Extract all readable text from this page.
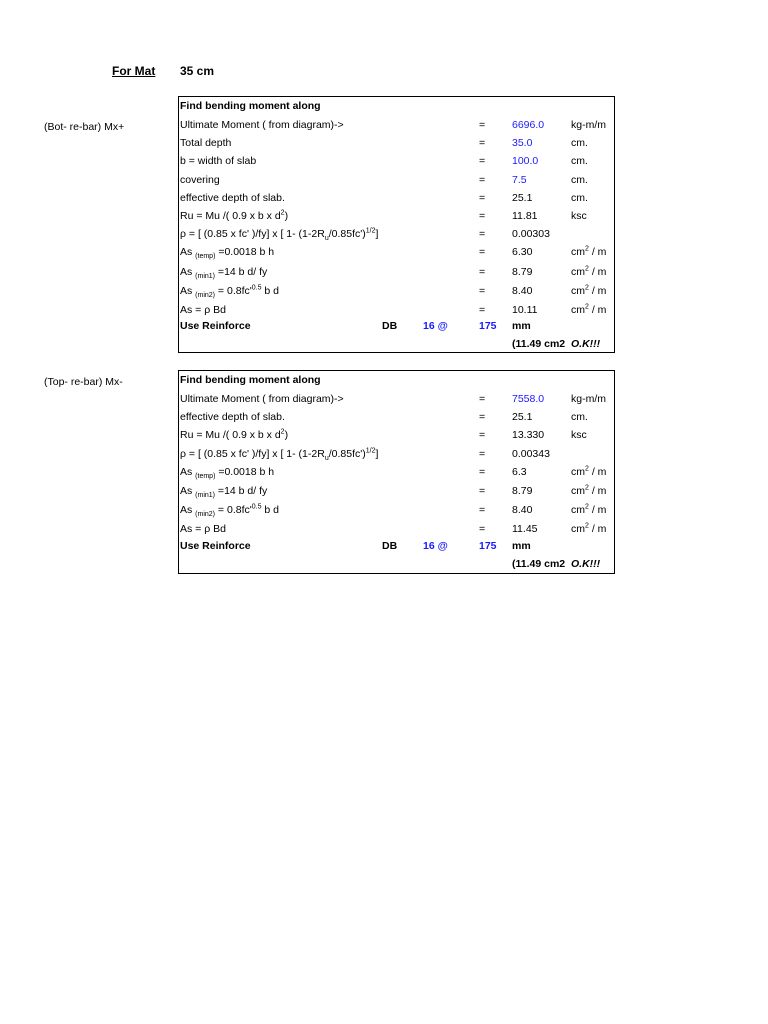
For Mat 35 cm
(Bot- re-bar) Mx+
(Top- re-bar) Mx-
Find bending moment along
Ultimate Moment ( from diagram)->	=	6696.0	kg-m/m
Total depth	=	35.0	cm.
b = width of slab	=	100.0	cm.
covering	=	7.5	cm.
effective depth of slab.	=	25.1	cm.
Ru = Mu /( 0.9 x b x $d^2$)	=	11.81	ksc
ρ = [ (0.85 x fc' )/fy] x [ 1- $(1-2R_u/0.85fc')^{1/2}$]	=	0.00303
As $_{(temp)}$ =0.0018 b h	=	6.30	$cm^2$ / m
As $_{(min1)}$ =14 b d/ fy	=	8.79	$cm^2$ / m
As $_{(min2)} = 0.8fc'^{0.5}$ b d	=	8.40	$cm^2$ / m
As = ρ Bd	=	10.11	$cm^2$ / m
Use Reinforce	DB 16 @	175 mm
(11.49 cm2 O.K!!!
Find bending moment along
Ultimate Moment ( from diagram)->	=	7558.0	kg-m/m
effective depth of slab.	=	25.1	cm.
Ru = Mu /( 0.9 x b x $d^2$)	=	13.330	ksc
ρ = [ (0.85 x fc' )/fy] x [ 1- $(1-2R_u/0.85fc')^{1/2}$]	=	0.00343
As $_{(temp)}$ =0.0018 b h	=	6.3	$cm^2$ / m
As $_{(min1)}$ =14 b d/ fy	=	8.79	$cm^2$ / m
As $_{(min2)} = 0.8fc'^{0.5}$ b d	=	8.40	$cm^2$ / m
As = ρ Bd	=	11.45	$cm^2$ / m
Use Reinforce	DB 16 @	175 mm
(11.49 cm2 O.K!!!
